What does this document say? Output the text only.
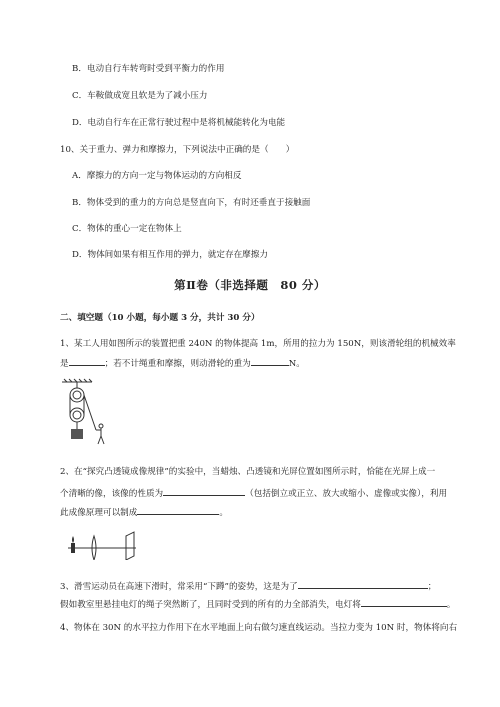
B．电动自行车转弯时受到平衡力的作用
C．车鞍做成宽且软是为了减小压力
D．电动自行车在正常行驶过程中是将机械能转化为电能
10、关于重力、弹力和摩擦力，下列说法中正确的是（　　）
A．摩擦力的方向一定与物体运动的方向相反
B．物体受到的重力的方向总是竖直向下，有时还垂直于接触面
C．物体的重心一定在物体上
D．物体间如果有相互作用的弹力，就定存在摩擦力
第Ⅱ卷（非选择题　80 分）
二、填空题（10 小题，每小题 3 分，共计 30 分）
1、某工人用如图所示的装置把重 240N 的物体提高 1m，所用的拉力为 150N，则该滑轮组的机械效率
是	；若不计绳重和摩擦，则动滑轮的重为	N。
2、在“探究凸透镜成像规律”的实验中，当蜡烛、凸透镜和光屏位置如图所示时，恰能在光屏上成一
个清晰的像，该像的性质为	（包括倒立或正立、放大或缩小、虚像或实像），利用
此成像原理可以制成	。
3、滑雪运动员在高速下滑时，常采用“下蹲”的姿势，这是为了	；
假如教室里悬挂电灯的绳子突然断了，且同时受到的所有的力全部消失，电灯将	。
4、物体在 30N 的水平拉力作用下在水平地面上向右做匀速直线运动。当拉力变为 10N 时，物体将向右
